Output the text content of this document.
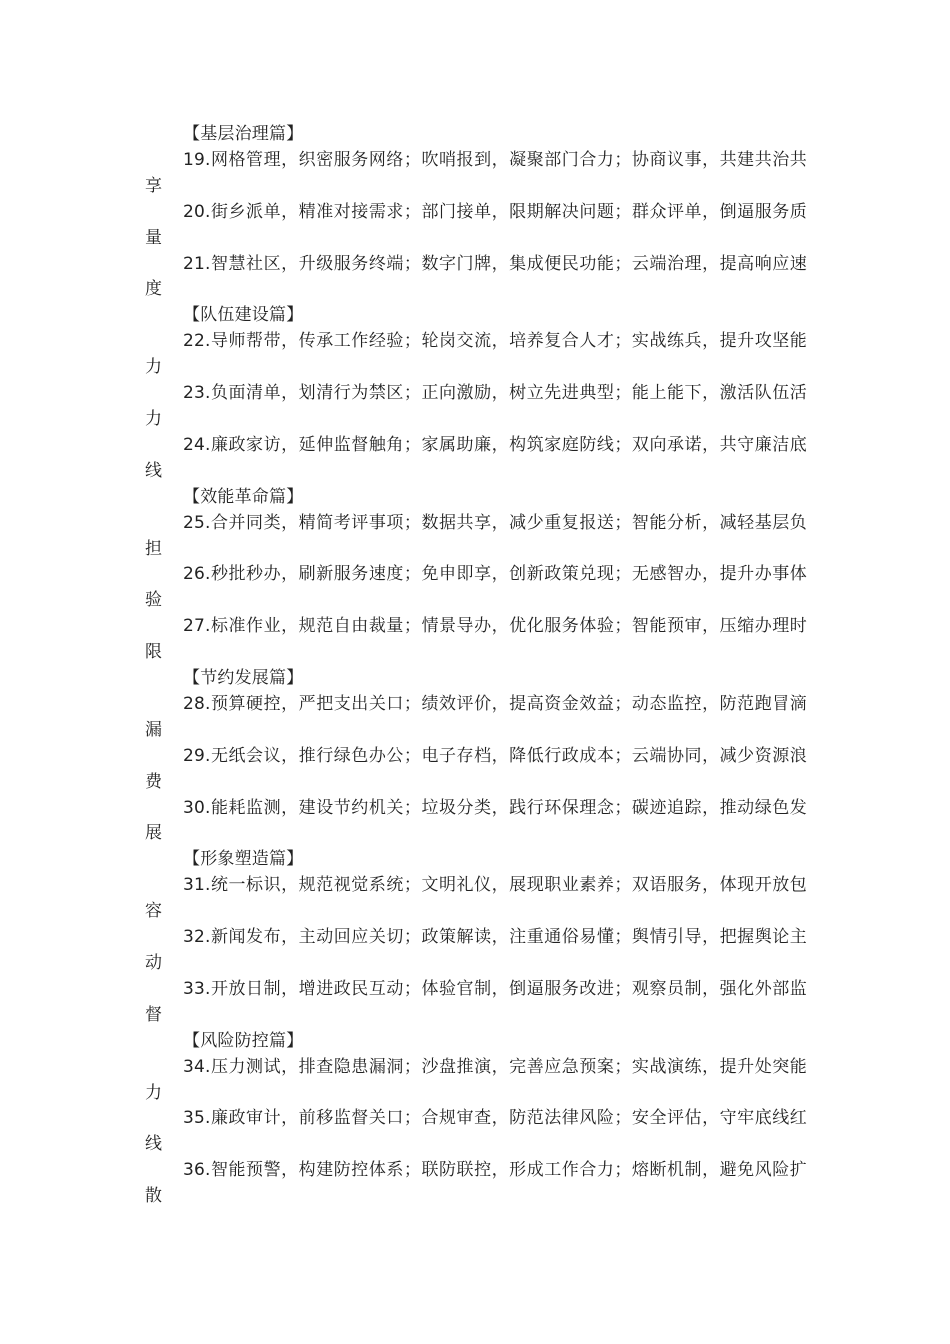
【基层治理篇】

19.网格管理，织密服务网络；吹哨报到，凝聚部门合力；协商议事，共建共治共享

20.街乡派单，精准对接需求；部门接单，限期解决问题；群众评单，倒逼服务质量

21.智慧社区，升级服务终端；数字门牌，集成便民功能；云端治理，提高响应速度

【队伍建设篇】

22.导师帮带，传承工作经验；轮岗交流，培养复合人才；实战练兵，提升攻坚能力

23.负面清单，划清行为禁区；正向激励，树立先进典型；能上能下，激活队伍活力

24.廉政家访，延伸监督触角；家属助廉，构筑家庭防线；双向承诺，共守廉洁底线

【效能革命篇】

25.合并同类，精简考评事项；数据共享，减少重复报送；智能分析，减轻基层负担

26.秒批秒办，刷新服务速度；免申即享，创新政策兑现；无感智办，提升办事体验

27.标准作业，规范自由裁量；情景导办，优化服务体验；智能预审，压缩办理时限

【节约发展篇】

28.预算硬控，严把支出关口；绩效评价，提高资金效益；动态监控，防范跑冒滴漏

29.无纸会议，推行绿色办公；电子存档，降低行政成本；云端协同，减少资源浪费

30.能耗监测，建设节约机关；垃圾分类，践行环保理念；碳迹追踪，推动绿色发展

【形象塑造篇】

31.统一标识，规范视觉系统；文明礼仪，展现职业素养；双语服务，体现开放包容

32.新闻发布，主动回应关切；政策解读，注重通俗易懂；舆情引导，把握舆论主动

33.开放日制，增进政民互动；体验官制，倒逼服务改进；观察员制，强化外部监督

【风险防控篇】

34.压力测试，排查隐患漏洞；沙盘推演，完善应急预案；实战演练，提升处突能力

35.廉政审计，前移监督关口；合规审查，防范法律风险；安全评估，守牢底线红线

36.智能预警，构建防控体系；联防联控，形成工作合力；熔断机制，避免风险扩散
